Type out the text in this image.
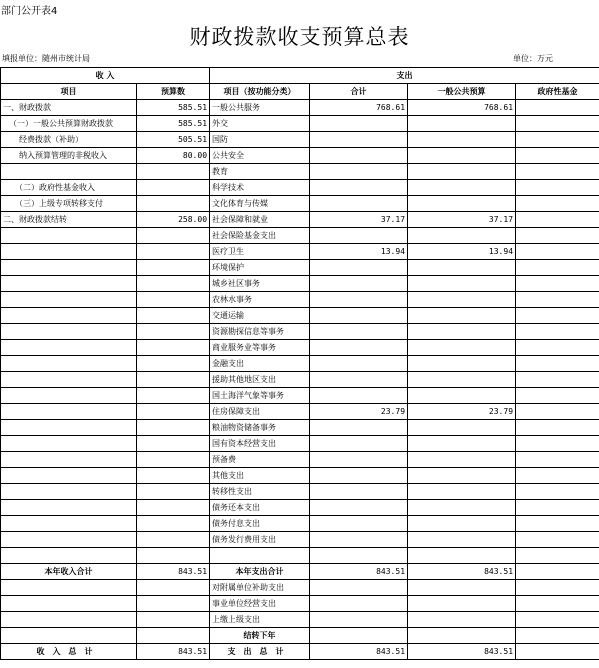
部门公开表4
财政拨款收支预算总表
填报单位：随州市统计局	单位：万元
收 入		支出			
项目	预算数	项目（按功能分类）	合计	一般公共预算	政府性基金
一、财政拨款	585.51	一般公共服务	768.61	768.61	
（一）一般公共预算财政拨款	585.51	外交			
经费拨款（补助）	505.51	国防			
纳入预算管理的非税收入	80.00	公共安全			
		教育			
（二）政府性基金收入		科学技术			
（三）上级专项转移支付		文化体育与传媒			
二、财政拨款结转	258.00	社会保障和就业	37.17	37.17	
		社会保险基金支出			
		医疗卫生	13.94	13.94	
		环境保护			
		城乡社区事务			
		农林水事务			
		交通运输			
		资源勘探信息等事务			
		商业服务业等事务			
		金融支出			
		援助其他地区支出			
		国土海洋气象等事务			
		住房保障支出	23.79	23.79	
		粮油物资储备事务			
		国有资本经营支出			
		预备费			
		其他支出			
		转移性支出			
		债务还本支出			
		债务付息支出			
		债务发行费用支出			

本年收入合计	843.51	本年支出合计	843.51	843.51	
		对附属单位补助支出			
		事业单位经营支出			
		上缴上级支出			
		结转下年			
收入总计	843.51	支出总计	843.51	843.51	
